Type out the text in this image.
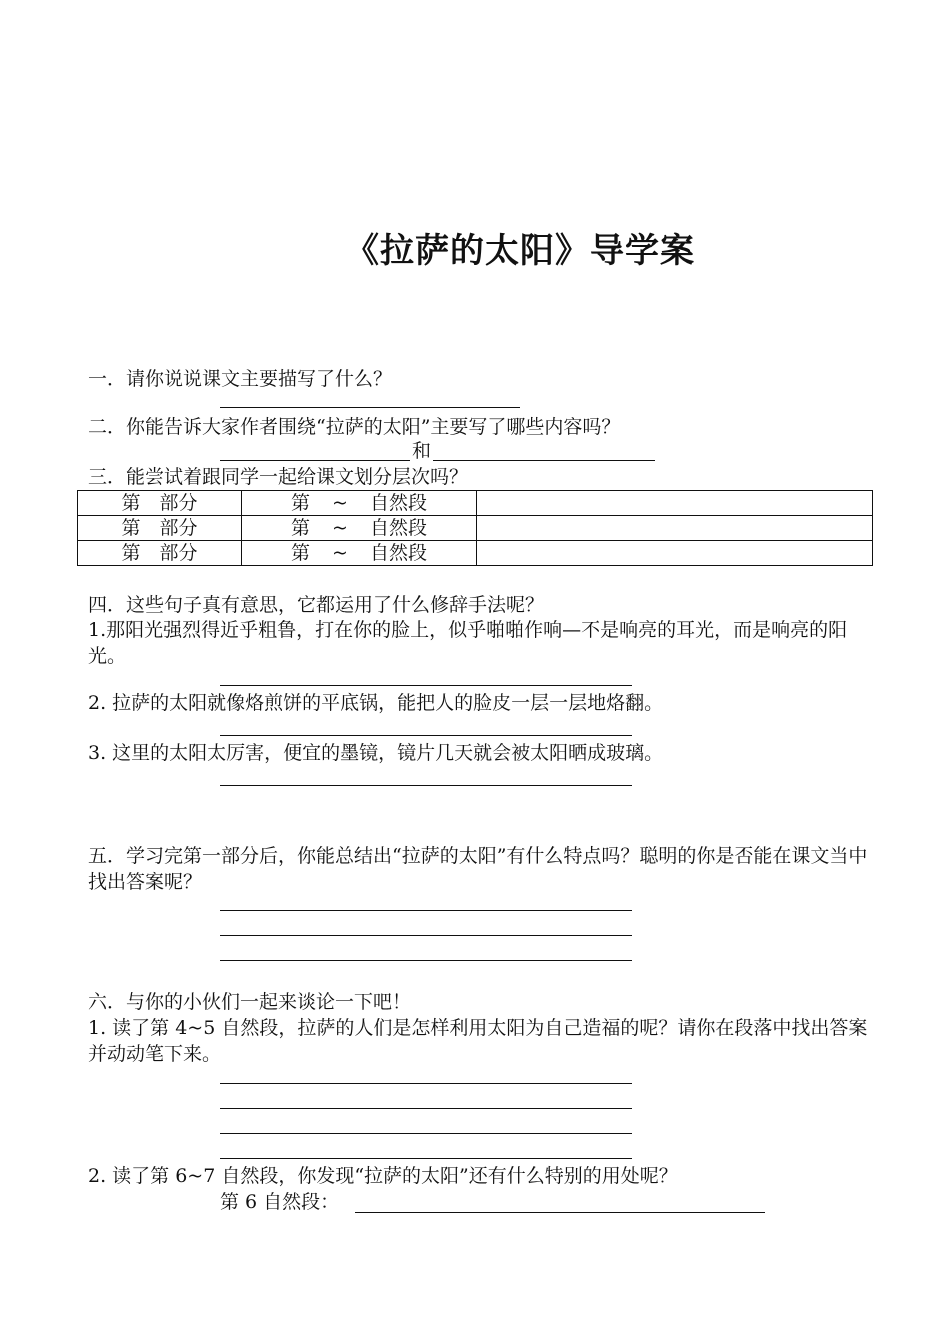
《拉萨的太阳》导学案
一．请你说说课文主要描写了什么？
二．你能告诉大家作者围绕“拉萨的太阳”主要写了哪些内容吗？
和
三．能尝试着跟同学一起给课文划分层次吗？
第　部分	第 ~ 自然段	
第　部分	第 ~ 自然段	
第　部分	第 ~ 自然段	
四．这些句子真有意思，它都运用了什么修辞手法呢？
1.那阳光强烈得近乎粗鲁，打在你的脸上，似乎啪啪作响—不是响亮的耳光，而是响亮的阳光。
2. 拉萨的太阳就像烙煎饼的平底锅，能把人的脸皮一层一层地烙翻。
3. 这里的太阳太厉害，便宜的墨镜，镜片几天就会被太阳晒成玻璃。
五．学习完第一部分后，你能总结出“拉萨的太阳”有什么特点吗？聪明的你是否能在课文当中找出答案呢？
六．与你的小伙们一起来谈论一下吧！
1. 读了第 4~5 自然段，拉萨的人们是怎样利用太阳为自己造福的呢？请你在段落中找出答案并动动笔下来。
2. 读了第 6~7 自然段，你发现“拉萨的太阳”还有什么特别的用处呢？
第 6 自然段：
